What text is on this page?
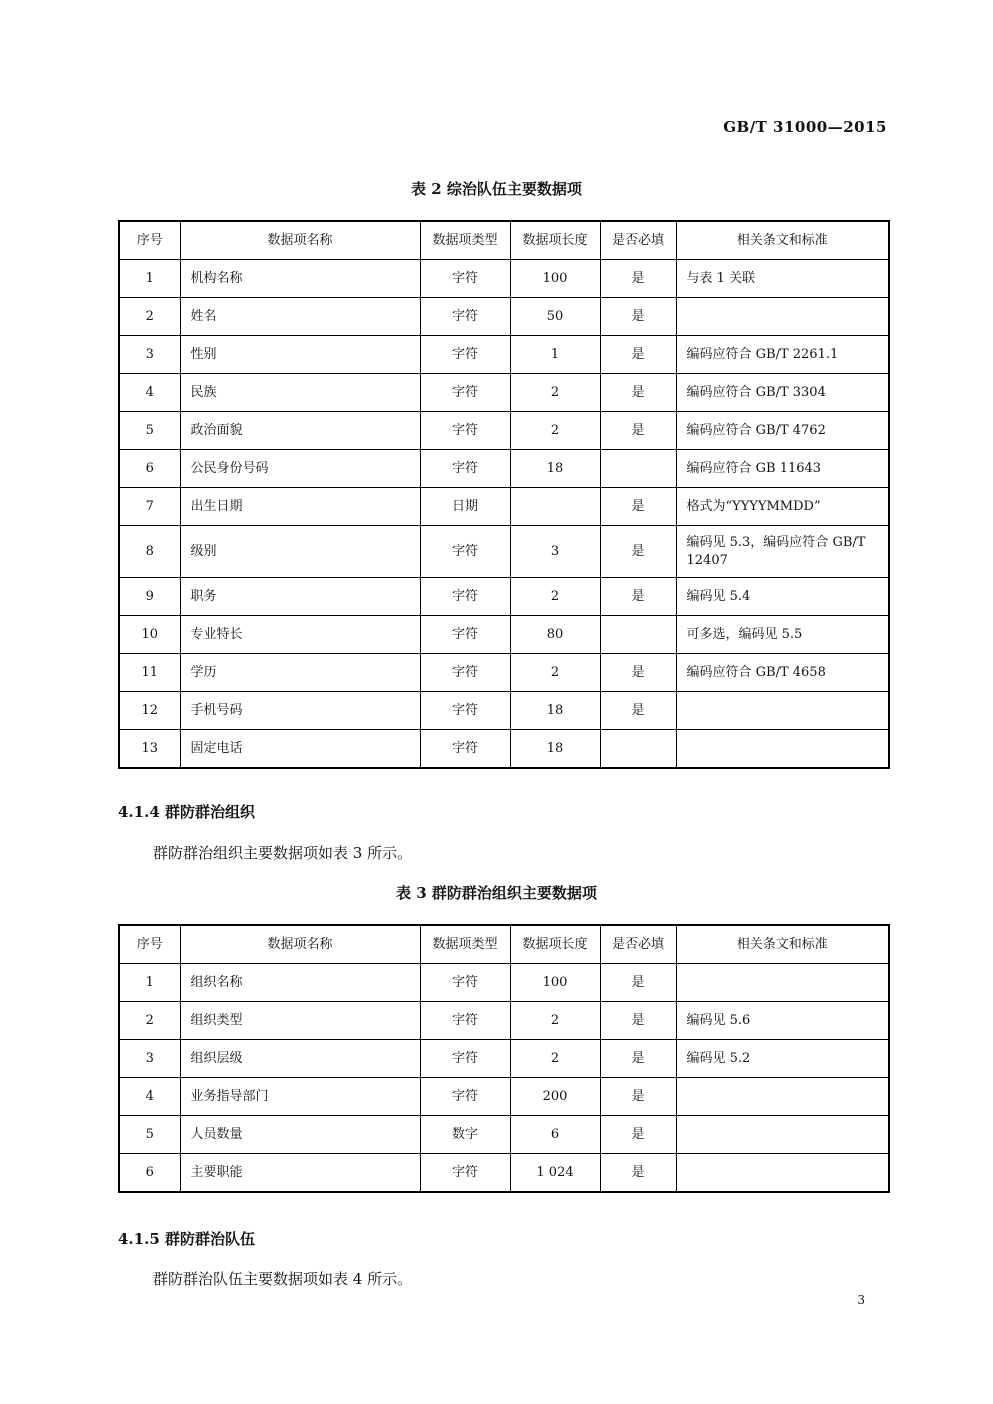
GB/T 31000—2015
表 2 综治队伍主要数据项
序号	数据项名称	数据项类型	数据项长度	是否必填	相关条文和标准
1	机构名称	字符	100	是	与表 1 关联
2	姓名	字符	50	是	
3	性别	字符	1	是	编码应符合 GB/T 2261.1
4	民族	字符	2	是	编码应符合 GB/T 3304
5	政治面貌	字符	2	是	编码应符合 GB/T 4762
6	公民身份号码	字符	18		编码应符合 GB 11643
7	出生日期	日期		是	格式为“YYYYMMDD”
8	级别	字符	3	是	编码见 5.3，编码应符合 GB/T 12407
9	职务	字符	2	是	编码见 5.4
10	专业特长	字符	80		可多选，编码见 5.5
11	学历	字符	2	是	编码应符合 GB/T 4658
12	手机号码	字符	18	是	
13	固定电话	字符	18		
4.1.4 群防群治组织
群防群治组织主要数据项如表 3 所示。
表 3 群防群治组织主要数据项
序号	数据项名称	数据项类型	数据项长度	是否必填	相关条文和标准
1	组织名称	字符	100	是	
2	组织类型	字符	2	是	编码见 5.6
3	组织层级	字符	2	是	编码见 5.2
4	业务指导部门	字符	200	是	
5	人员数量	数字	6	是	
6	主要职能	字符	1 024	是	
4.1.5 群防群治队伍
群防群治队伍主要数据项如表 4 所示。
3
